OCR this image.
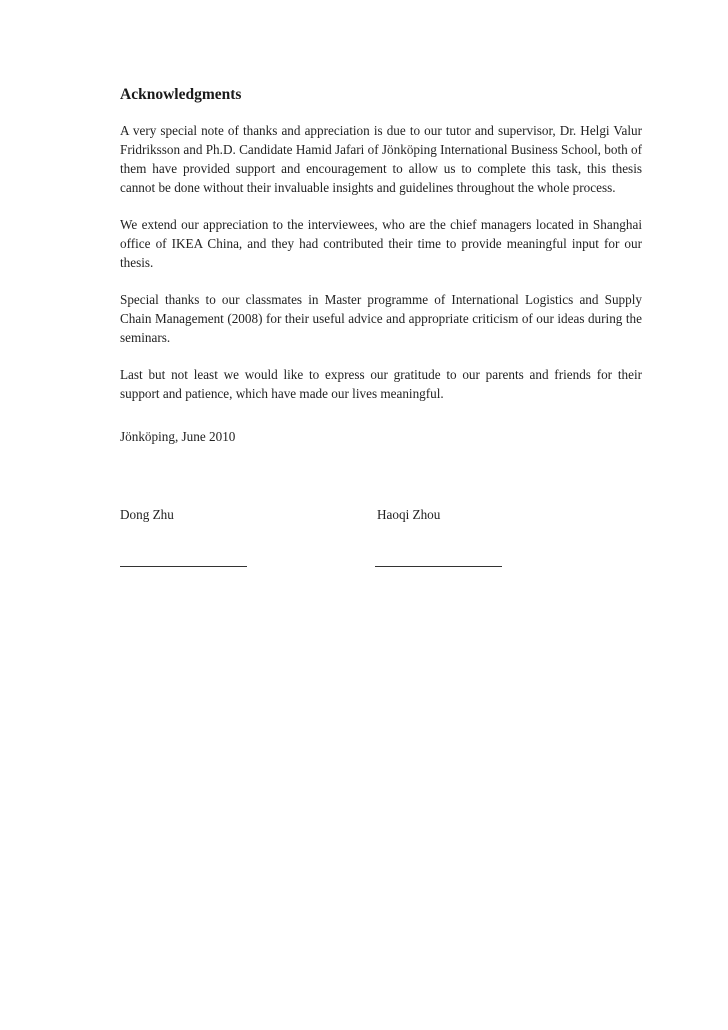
Acknowledgments

A very special note of thanks and appreciation is due to our tutor and supervisor, Dr. Helgi Valur Fridriksson and Ph.D. Candidate Hamid Jafari of Jönköping International Business School, both of them have provided support and encouragement to allow us to complete this task, this thesis cannot be done without their invaluable insights and guidelines throughout the whole process.

We extend our appreciation to the interviewees, who are the chief managers located in Shanghai office of IKEA China, and they had contributed their time to provide meaningful input for our thesis.

Special thanks to our classmates in Master programme of International Logistics and Supply Chain Management (2008) for their useful advice and appropriate criticism of our ideas during the seminars.

Last but not least we would like to express our gratitude to our parents and friends for their support and patience, which have made our lives meaningful.

Jönköping, June 2010

Dong Zhu	Haoqi Zhou
